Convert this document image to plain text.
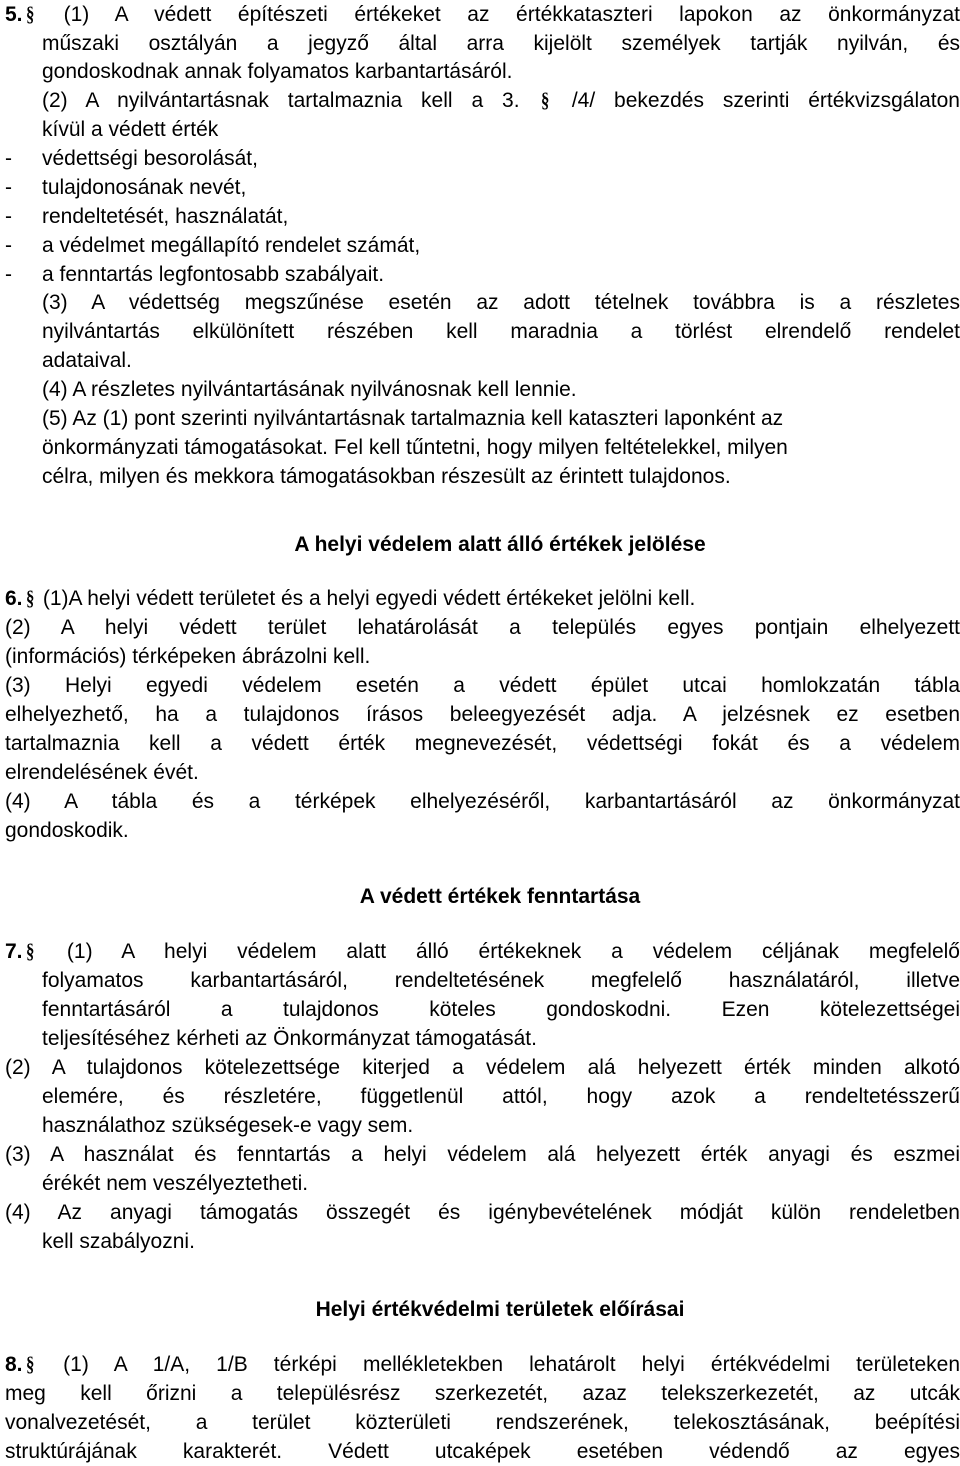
5. § (1) A védett építészeti értékeket az értékkataszteri lapokon az önkormányzat
műszaki osztályán a jegyző által arra kijelölt személyek tartják nyilván, és
gondoskodnak annak folyamatos karbantartásáról.
(2) A nyilvántartásnak tartalmaznia kell a 3. § /4/ bekezdés szerinti értékvizsgálaton
kívül a védett érték
- védettségi besorolását,
- tulajdonosának nevét,
- rendeltetését, használatát,
- a védelmet megállapító rendelet számát,
- a fenntartás legfontosabb szabályait.
(3) A védettség megszűnése esetén az adott tételnek továbbra is a részletes
nyilvántartás elkülönített részében kell maradnia a törlést elrendelő rendelet
adataival.
(4) A részletes nyilvántartásának nyilvánosnak kell lennie.
(5) Az (1) pont szerinti nyilvántartásnak tartalmaznia kell kataszteri laponként az
önkormányzati támogatásokat. Fel kell tűntetni, hogy milyen feltételekkel, milyen
célra, milyen és mekkora támogatásokban részesült az érintett tulajdonos.
A helyi védelem alatt álló értékek jelölése
6. § (1)A helyi védett területet és a helyi egyedi védett értékeket jelölni kell.
(2) A helyi védett terület lehatárolását a település egyes pontjain elhelyezett
(információs) térképeken ábrázolni kell.
(3) Helyi egyedi védelem esetén a védett épület utcai homlokzatán tábla
elhelyezhető, ha a tulajdonos írásos beleegyezését adja. A jelzésnek ez esetben
tartalmaznia kell a védett érték megnevezését, védettségi fokát és a védelem
elrendelésének évét.
(4) A tábla és a térképek elhelyezéséről, karbantartásáról az önkormányzat
gondoskodik.
A védett értékek fenntartása
7. § (1) A helyi védelem alatt álló értékeknek a védelem céljának megfelelő
folyamatos karbantartásáról, rendeltetésének megfelelő használatáról, illetve
fenntartásáról a tulajdonos köteles gondoskodni. Ezen kötelezettségei
teljesítéséhez kérheti az Önkormányzat támogatását.
(2) A tulajdonos kötelezettsége kiterjed a védelem alá helyezett érték minden alkotó
elemére, és részletére, függetlenül attól, hogy azok a rendeltetésszerű
használathoz szükségesek-e vagy sem.
(3) A használat és fenntartás a helyi védelem alá helyezett érték anyagi és eszmei
érékét nem veszélyeztetheti.
(4) Az anyagi támogatás összegét és igénybevételének módját külön rendeletben
kell szabályozni.
Helyi értékvédelmi területek előírásai
8. § (1) A 1/A, 1/B térképi mellékletekben lehatárolt helyi értékvédelmi területeken
meg kell őrizni a településrész szerkezetét, azaz telekszerkezetét, az utcák
vonalvezetését, a terület közterületi rendszerének, telekosztásának, beépítési
struktúrájának karakterét. Védett utcaképek esetében védendő az egyes
